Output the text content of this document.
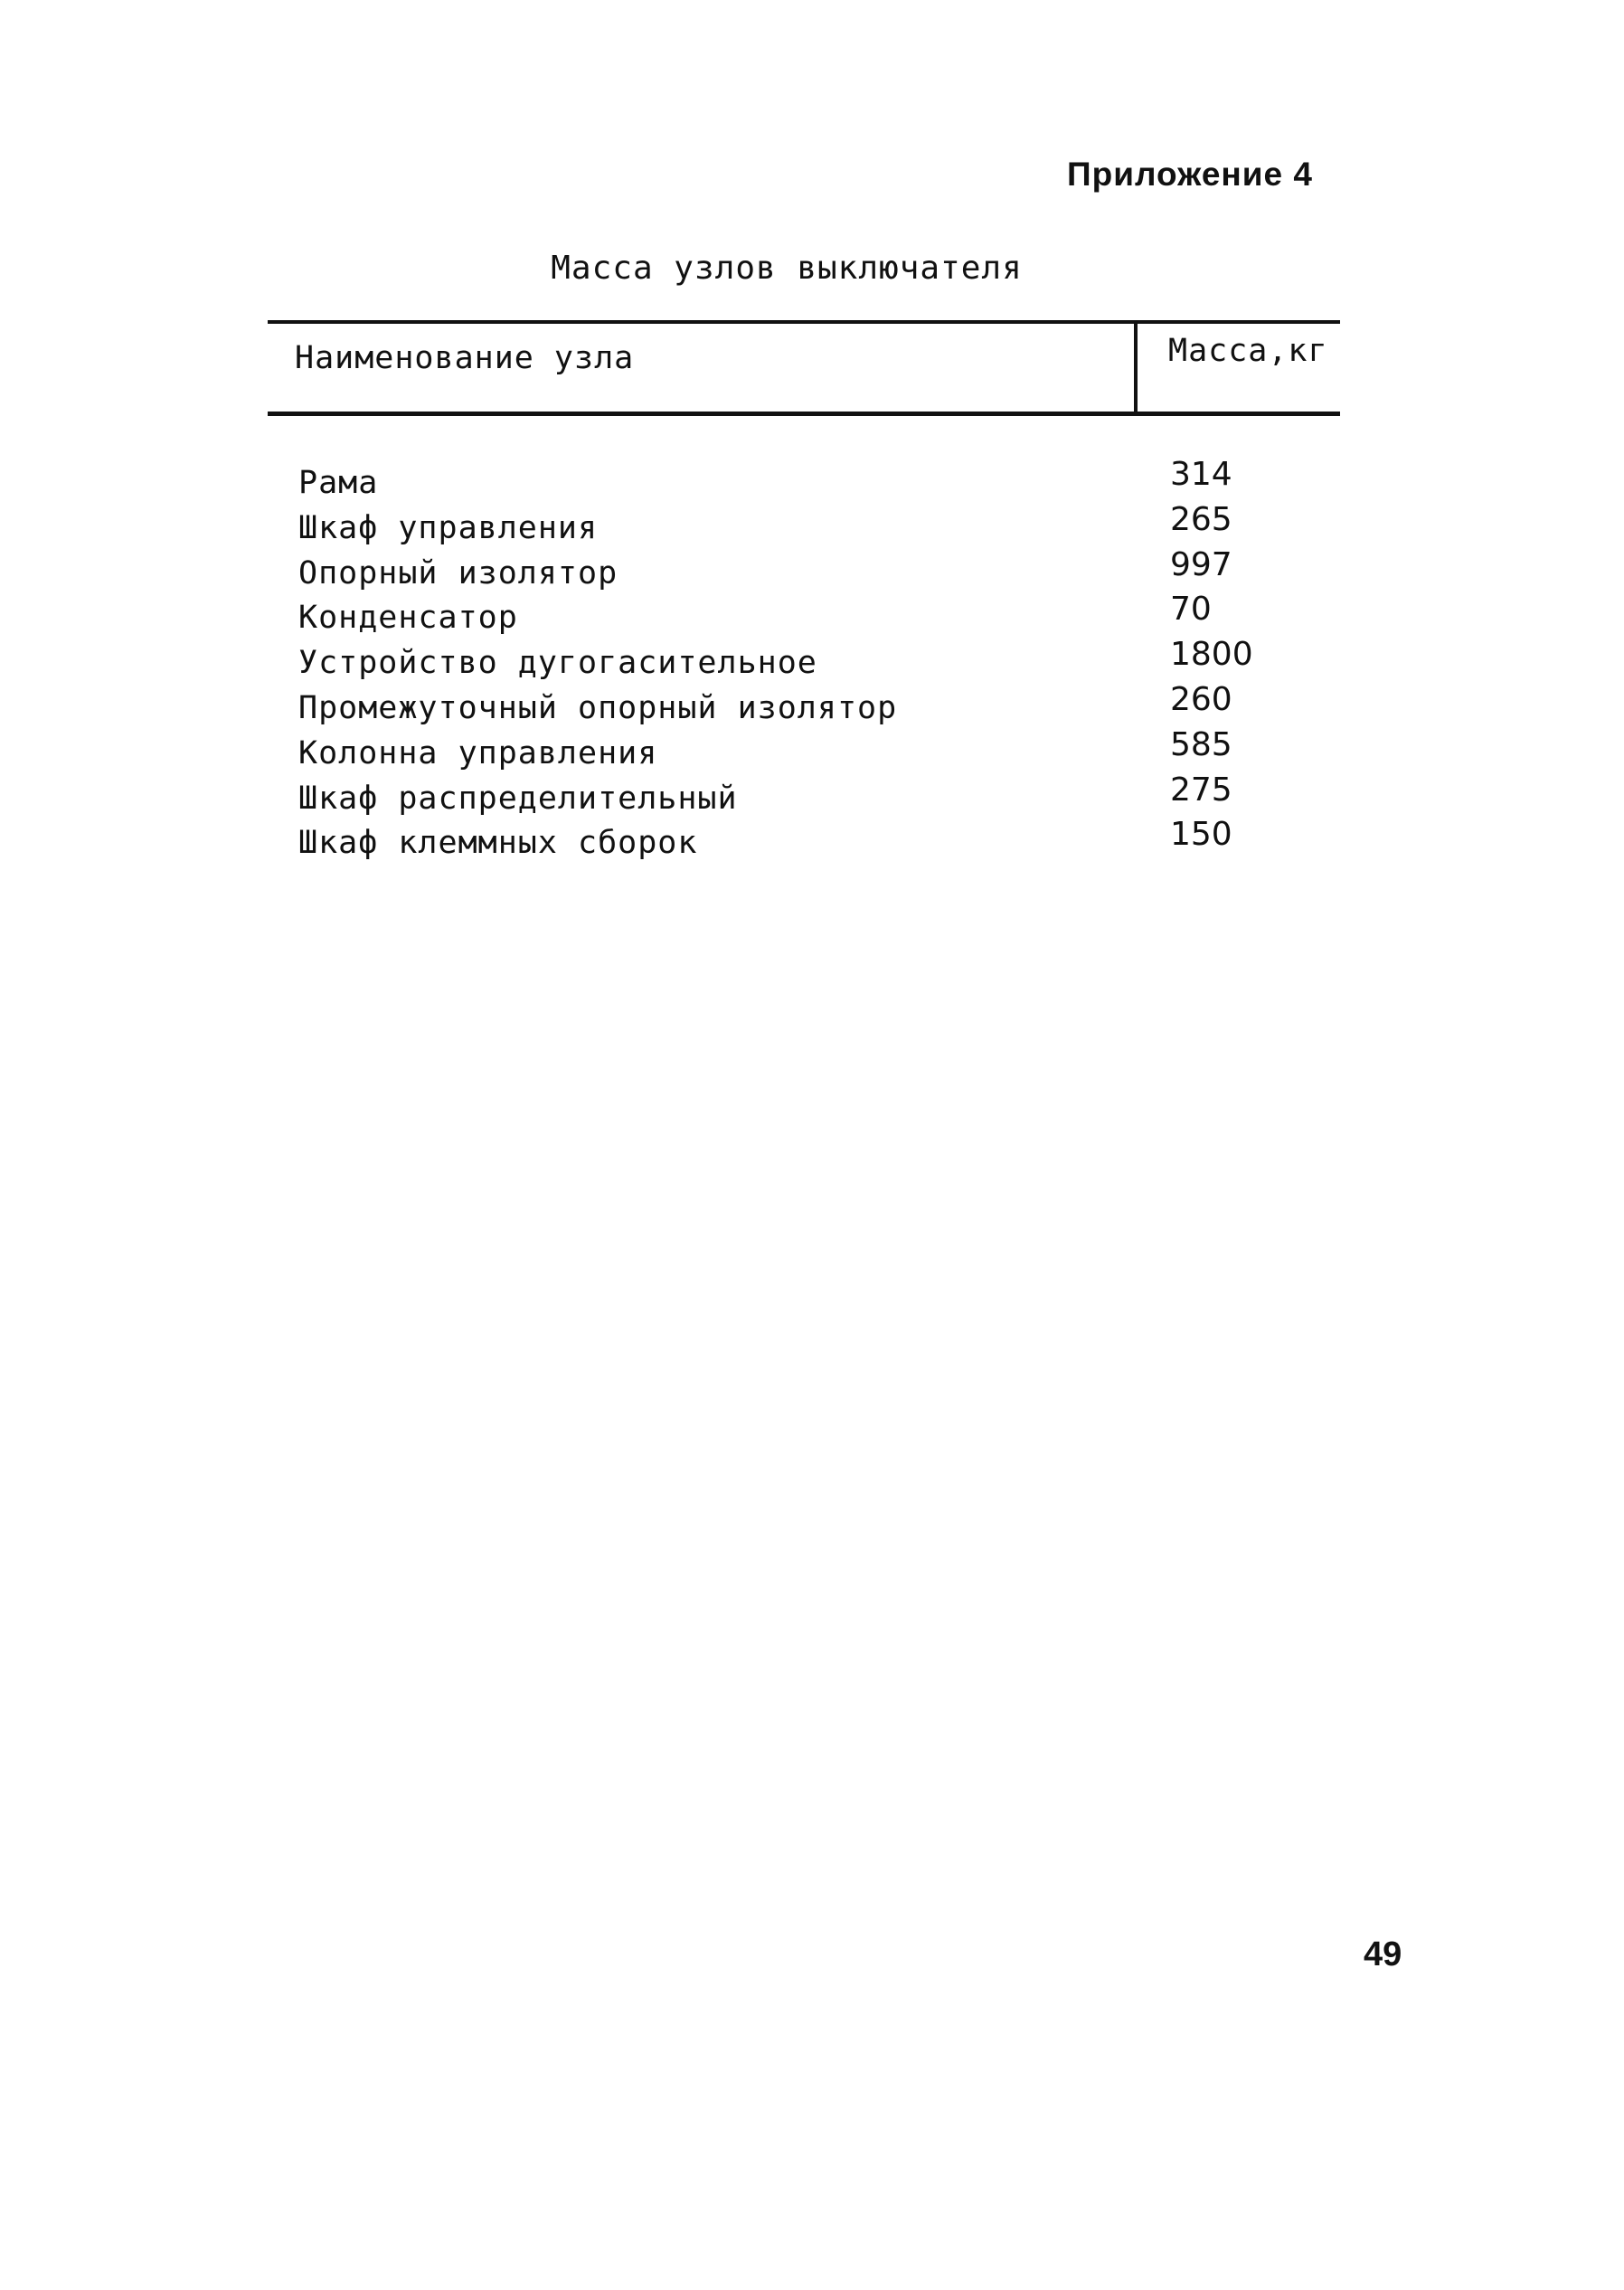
Приложение 4
Масса узлов выключателя
Наименование узла	Масса,кг
Рама	314
Шкаф управления	265
Опорный изолятор	997
Конденсатор	70
Устройство дугогасительное	1800
Промежуточный опорный изолятор	260
Колонна управления	585
Шкаф распределительный	275
Шкаф клеммных сборок	150
49
